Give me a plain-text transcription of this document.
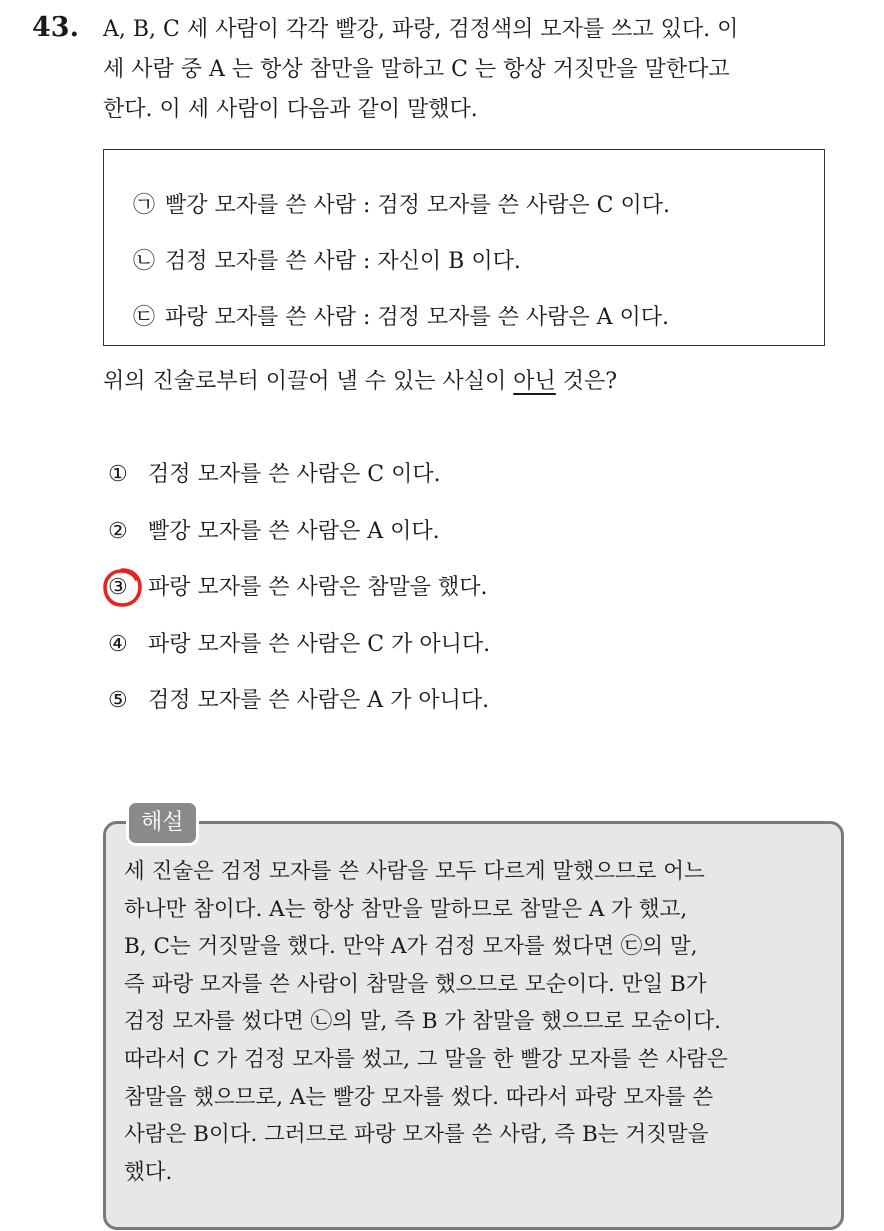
43. A, B, C 세 사람이 각각 빨강, 파랑, 검정색의 모자를 쓰고 있다. 이
세 사람 중 A 는 항상 참만을 말하고 C 는 항상 거짓만을 말한다고
한다. 이 세 사람이 다음과 같이 말했다.

㉠ 빨강 모자를 쓴 사람 : 검정 모자를 쓴 사람은 C 이다.
㉡ 검정 모자를 쓴 사람 : 자신이 B 이다.
㉢ 파랑 모자를 쓴 사람 : 검정 모자를 쓴 사람은 A 이다.
위의 진술로부터 이끌어 낼 수 있는 사실이 아닌 것은?
① 검정 모자를 쓴 사람은 C 이다.
② 빨강 모자를 쓴 사람은 A 이다.
③ 파랑 모자를 쓴 사람은 참말을 했다.
④ 파랑 모자를 쓴 사람은 C 가 아니다.
⑤ 검정 모자를 쓴 사람은 A 가 아니다.
해설

세 진술은 검정 모자를 쓴 사람을 모두 다르게 말했으므로 어느
하나만 참이다. A는 항상 참만을 말하므로 참말은 A 가 했고,
B, C는 거짓말을 했다. 만약 A가 검정 모자를 썼다면 ㉢의 말,
즉 파랑 모자를 쓴 사람이 참말을 했으므로 모순이다. 만일 B가
검정 모자를 썼다면 ㉡의 말, 즉 B 가 참말을 했으므로 모순이다.
따라서 C 가 검정 모자를 썼고, 그 말을 한 빨강 모자를 쓴 사람은
참말을 했으므로, A는 빨강 모자를 썼다. 따라서 파랑 모자를 쓴
사람은 B이다. 그러므로 파랑 모자를 쓴 사람, 즉 B는 거짓말을
했다.
